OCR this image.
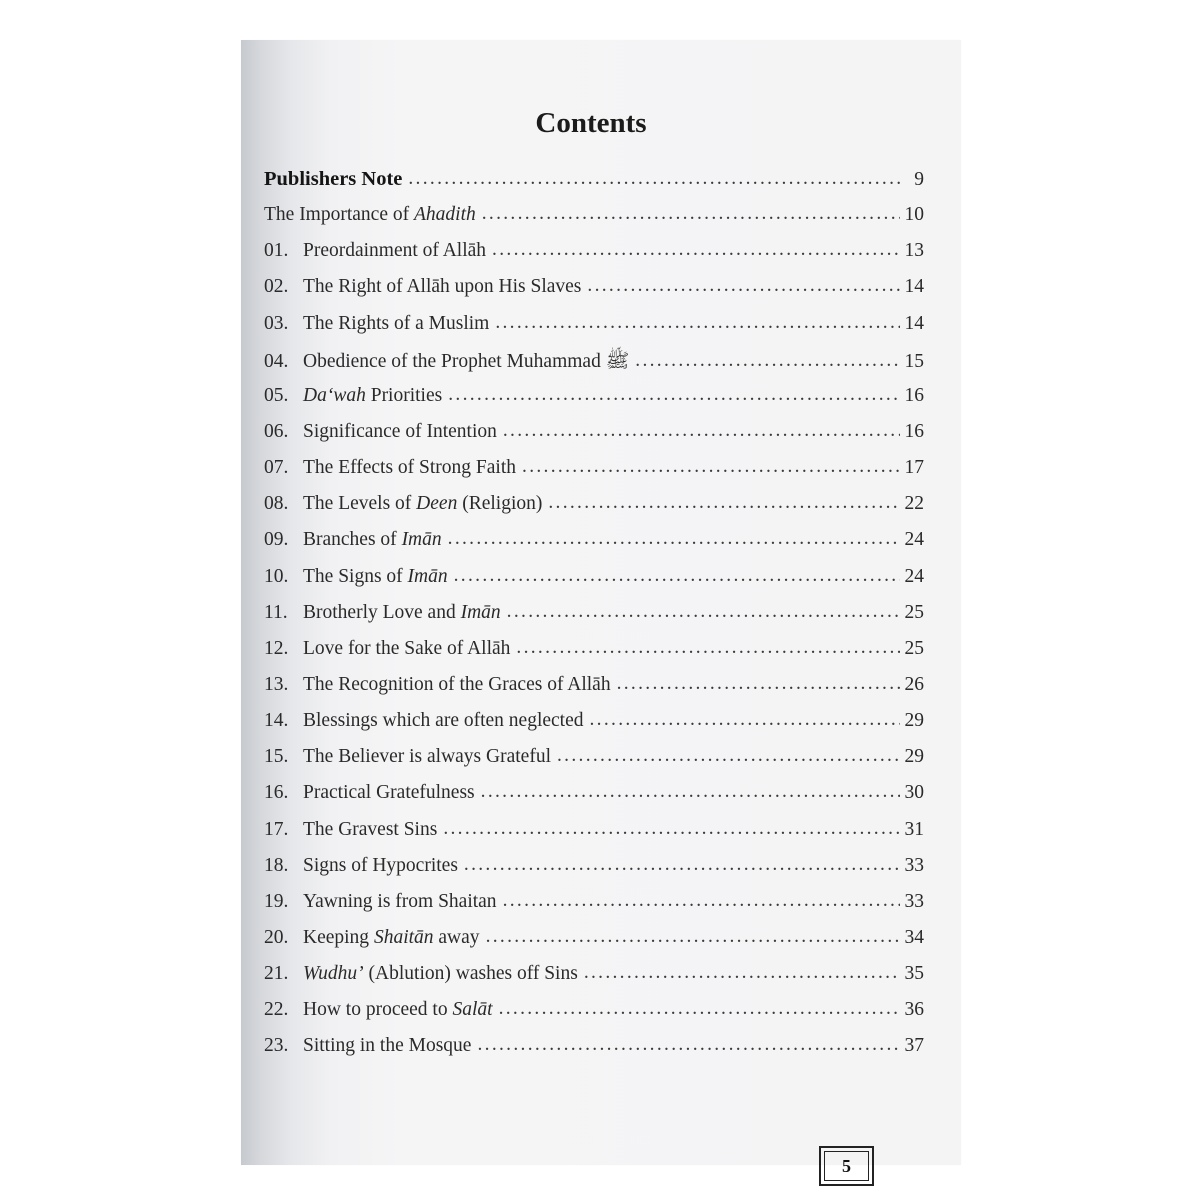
Contents
5
Publishers Note .....	9
The Importance of Ahadith .....	10
01. Preordainment of Allāh .....	13
02. The Right of Allāh upon His Slaves .....	14
03. The Rights of a Muslim .....	14
04. Obedience of the Prophet Muhammad ﷺ .....	15
05. Da‘wah Priorities .....	16
06. Significance of Intention .....	16
07. The Effects of Strong Faith .....	17
08. The Levels of Deen (Religion) .....	22
09. Branches of Imān .....	24
10. The Signs of Imān .....	24
11. Brotherly Love and Imān .....	25
12. Love for the Sake of Allāh .....	25
13. The Recognition of the Graces of Allāh .....	26
14. Blessings which are often neglected .....	29
15. The Believer is always Grateful .....	29
16. Practical Gratefulness .....	30
17. The Gravest Sins .....	31
18. Signs of Hypocrites .....	33
19. Yawning is from Shaitan .....	33
20. Keeping Shaitān away .....	34
21. Wudhu’ (Ablution) washes off Sins .....	35
22. How to proceed to Salāt .....	36
23. Sitting in the Mosque .....	37
